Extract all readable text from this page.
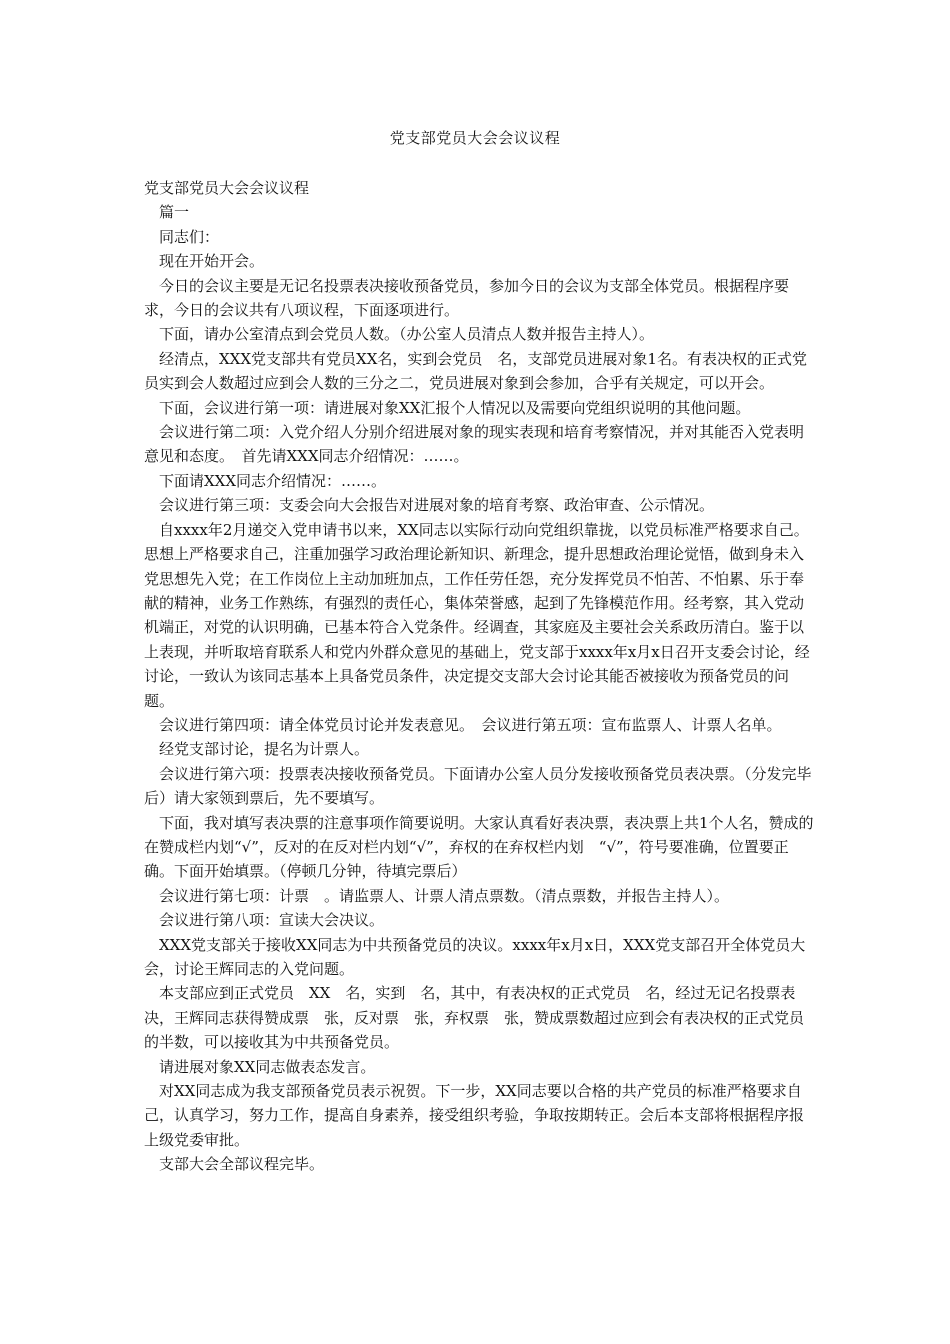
党支部党员大会会议议程

党支部党员大会会议议程

篇一

同志们：

现在开始开会。

今日的会议主要是无记名投票表决接收预备党员，参加今日的会议为支部全体党员。根据程序要求，今日的会议共有八项议程，下面逐项进行。

下面，请办公室清点到会党员人数。（办公室人员清点人数并报告主持人）。

经清点，XXX党支部共有党员XX名，实到会党员　名，支部党员进展对象1名。有表决权的正式党员实到会人数超过应到会人数的三分之二，党员进展对象到会参加，合乎有关规定，可以开会。

下面，会议进行第一项：请进展对象XX汇报个人情况以及需要向党组织说明的其他问题。

会议进行第二项：入党介绍人分别介绍进展对象的现实表现和培育考察情况，并对其能否入党表明意见和态度。　首先请XXX同志介绍情况：……。

下面请XXX同志介绍情况：……。

会议进行第三项：支委会向大会报告对进展对象的培育考察、政治审查、公示情况。

自xxxx年2月递交入党申请书以来，XX同志以实际行动向党组织靠拢，以党员标准严格要求自己。思想上严格要求自己，注重加强学习政治理论新知识、新理念，提升思想政治理论觉悟，做到身未入党思想先入党；在工作岗位上主动加班加点，工作任劳任怨，充分发挥党员不怕苦、不怕累、乐于奉献的精神，业务工作熟练，有强烈的责任心，集体荣誉感，起到了先锋模范作用。经考察，其入党动机端正，对党的认识明确，已基本符合入党条件。经调查，其家庭及主要社会关系政历清白。鉴于以上表现，并听取培育联系人和党内外群众意见的基础上，党支部于xxxx年x月x日召开支委会讨论，经讨论，一致认为该同志基本上具备党员条件，决定提交支部大会讨论其能否被接收为预备党员的问题。

会议进行第四项：请全体党员讨论并发表意见。　会议进行第五项：宣布监票人、计票人名单。

经党支部讨论，提名为计票人。

会议进行第六项：投票表决接收预备党员。下面请办公室人员分发接收预备党员表决票。（分发完毕后）请大家领到票后，先不要填写。

下面，我对填写表决票的注意事项作简要说明。大家认真看好表决票，表决票上共1个人名，赞成的在赞成栏内划“√”，反对的在反对栏内划“√”，弃权的在弃权栏内划　“√”，符号要准确，位置要正确。下面开始填票。（停顿几分钟，待填完票后）

会议进行第七项：计票　。请监票人、计票人清点票数。（清点票数，并报告主持人）。

会议进行第八项：宣读大会决议。

XXX党支部关于接收XX同志为中共预备党员的决议。xxxx年x月x日，XXX党支部召开全体党员大会，讨论王辉同志的入党问题。

本支部应到正式党员　XX　名，实到　名，其中，有表决权的正式党员　名，经过无记名投票表决，王辉同志获得赞成票　张，反对票　张，弃权票　张，赞成票数超过应到会有表决权的正式党员的半数，可以接收其为中共预备党员。

请进展对象XX同志做表态发言。

对XX同志成为我支部预备党员表示祝贺。下一步，XX同志要以合格的共产党员的标准严格要求自己，认真学习，努力工作，提高自身素养，接受组织考验，争取按期转正。会后本支部将根据程序报上级党委审批。

支部大会全部议程完毕。
